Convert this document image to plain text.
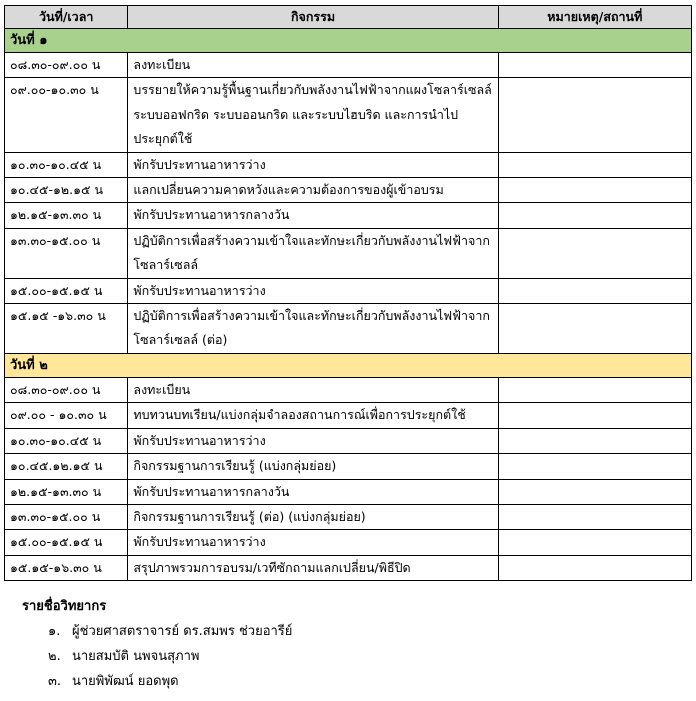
วันที่/เวลา	กิจกรรม	หมายเหตุ/สถานที่
วันที่ ๑		
๐๘.๓๐-๐๙.๐๐ น	ลงทะเบียน	
๐๙.๐๐-๑๐.๓๐ น	บรรยายให้ความรู้พื้นฐานเกี่ยวกับพลังงานไฟฟ้าจากแผงโซลาร์เซลล์ ระบบออฟกริด ระบบออนกริด และระบบไฮบริด และการนำไปประยุกต์ใช้	
๑๐.๓๐-๑๐.๔๕ น	พักรับประทานอาหารว่าง	
๑๐.๔๕-๑๒.๑๕ น	แลกเปลี่ยนความคาดหวังและความต้องการของผู้เข้าอบรม	
๑๒.๑๕-๑๓.๓๐ น	พักรับประทานอาหารกลางวัน	
๑๓.๓๐-๑๕.๐๐ น	ปฏิบัติการเพื่อสร้างความเข้าใจและทักษะเกี่ยวกับพลังงานไฟฟ้าจากโซลาร์เซลล์	
๑๕.๐๐-๑๕.๑๕ น	พักรับประทานอาหารว่าง	
๑๕.๑๕ -๑๖.๓๐ น	ปฏิบัติการเพื่อสร้างความเข้าใจและทักษะเกี่ยวกับพลังงานไฟฟ้าจากโซลาร์เซลล์ (ต่อ)	
วันที่ ๒		
๐๘.๓๐-๐๙.๐๐ น	ลงทะเบียน	
๐๙.๐๐ - ๑๐.๓๐ น	ทบทวนบทเรียน/แบ่งกลุ่มจำลองสถานการณ์เพื่อการประยุกต์ใช้	
๑๐.๓๐-๑๐.๔๕ น	พักรับประทานอาหารว่าง	
๑๐.๔๕.๑๒.๑๕ น	กิจกรรมฐานการเรียนรู้ (แบ่งกลุ่มย่อย)	
๑๒.๑๕-๑๓.๓๐ น	พักรับประทานอาหารกลางวัน	
๑๓.๓๐-๑๕.๐๐ น	กิจกรรมฐานการเรียนรู้ (ต่อ) (แบ่งกลุ่มย่อย)	
๑๕.๐๐-๑๕.๑๕ น	พักรับประทานอาหารว่าง	
๑๕.๑๕-๑๖.๓๐ น	สรุปภาพรวมการอบรม/เวทีซักถามแลกเปลี่ยน/พิธีปิด	
รายชื่อวิทยากร
๑. ผู้ช่วยศาสตราจารย์ ดร.สมพร ช่วยอารีย์
๒. นายสมบัติ นพจนสุภาพ
๓. นายพิพัฒน์ ยอดพุด
